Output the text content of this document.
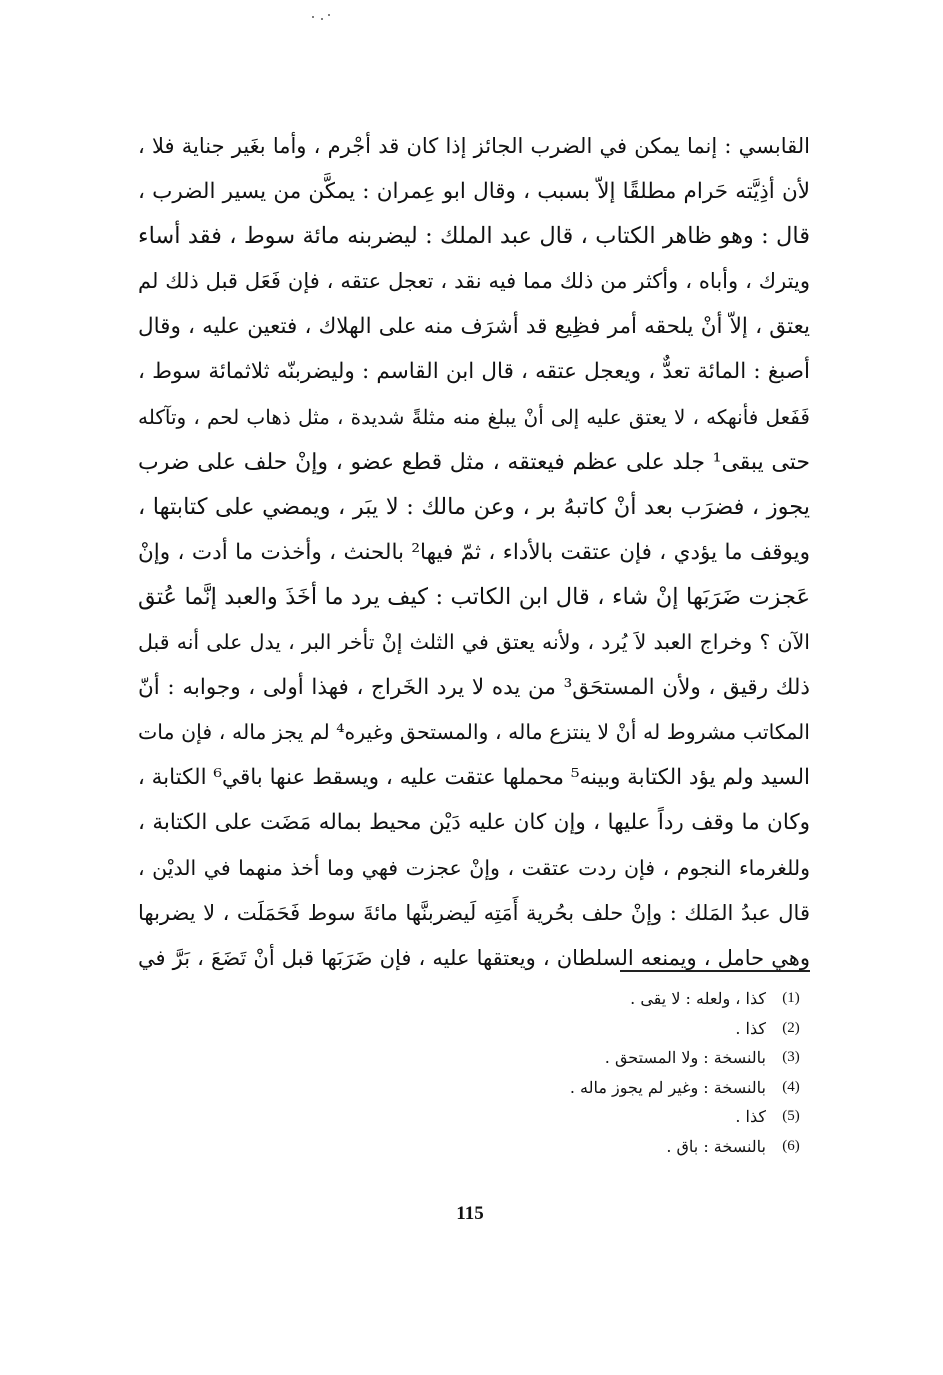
القابسي : إنما يمكن في الضرب الجائز إذا كان قد أجْرم ، وأما بغَير جناية فلا ،
لأن أذِيَّته حَرام مطلقًا إلاّ بسبب ، وقال ابو عِمران : يمكَّن من يسير الضرب ،
قال : وهو ظاهر الكتاب ، قال عبد الملك : ليضربنه مائة سوط ، فقد أساء
ويترك ، وأباه ، وأكثر من ذلك مما فيه نقد ، تعجل عتقه ، فإن فَعَل قبل ذلك لم
يعتق ، إلاّ أنْ يلحقه أمر فظِيع قد أشرَف منه على الهلاك ، فتعين عليه ، وقال
أصبغ : المائة تعدٌّ ، ويعجل عتقه ، قال ابن القاسم : وليضربنّه ثلاثمائة سوط ،
فَفَعل فأنهكه ، لا يعتق عليه إلى أنْ يبلغ منه مثلةً شديدة ، مثل ذهاب لحم ، وتآكله
حتى يبقى¹ جلد على عظم فيعتقه ، مثل قطع عضو ، وإنْ حلف على ضرب
يجوز ، فضرَب بعد أنْ كاتبهُ بر ، وعن مالك : لا يبَر ، ويمضي على كتابتها ،
ويوقف ما يؤدي ، فإن عتقت بالأداء ، ثمّ فيها² بالحنث ، وأخذت ما أدت ، وإنْ
عَجزت ضَرَبَها إنْ شاء ، قال ابن الكاتب : كيف يرد ما أخَذَ والعبد إنَّما عُتق
الآن ؟ وخراج العبد لاَ يُرد ، ولأنه يعتق في الثلث إنْ تأخر البر ، يدل على أنه قبل
ذلك رقيق ، ولأن المستحَق³ من يده لا يرد الخَراج ، فهذا أولى ، وجوابه : أنّ
المكاتب مشروط له أنْ لا ينتزع ماله ، والمستحق وغيره⁴ لم يجز ماله ، فإن مات
السيد ولم يؤد الكتابة وبينه⁵ محملها عتقت عليه ، ويسقط عنها باقي⁶ الكتابة ،
وكان ما وقف رداً عليها ، وإن كان عليه دَيْن محيط بماله مَضَت على الكتابة ،
وللغرماء النجوم ، فإن ردت عتقت ، وإنْ عجزت فهي وما أخذ منهما في الديْن ،
قال عبدُ المَلك : وإنْ حلف بحُرية أَمَتِه لَيضربنَّها مائةَ سوط فَحَمَلَت ، لا يضربها
وهي حامل ، ويمنعه السلطان ، ويعتقها عليه ، فإن ضَرَبَها قبل أنْ تَضَعَ ، بَرَّ في
(1)
كذا ، ولعله : لا يقى .
(2)
كذا .
(3)
بالنسخة : ولا المستحق .
(4)
بالنسخة : وغير لم يجوز ماله .
(5)
كذا .
(6)
بالنسخة : باق .
115
